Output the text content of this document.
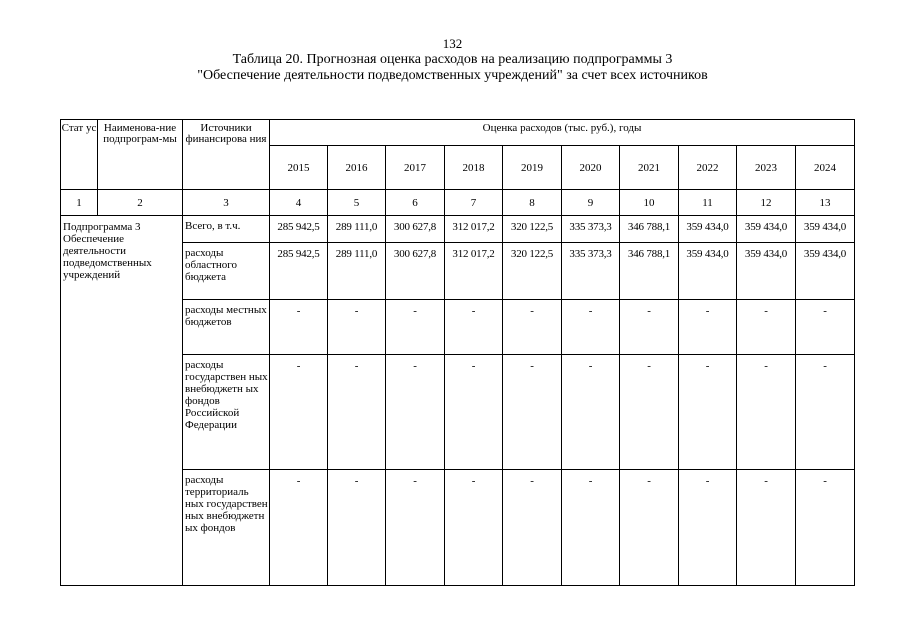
132
Таблица 20. Прогнозная оценка расходов на реализацию подпрограммы 3 "Обеспечение деятельности подведомственных учреждений" за счет всех источников
Стат ус	Наименова-ние подпрограм-мы	Источники финансирова ния	Оценка расходов (тыс. руб.), годы									
			2015	2016	2017	2018	2019	2020	2021	2022	2023	2024
1	2	3	4	5	6	7	8	9	10	11	12	13
Подпрограмма 3 Обеспечение деятельности подведомственных учреждений		Всего, в т.ч.	285 942,5	289 111,0	300 627,8	312 017,2	320 122,5	335 373,3	346 788,1	359 434,0	359 434,0	359 434,0
		расходы областного бюджета	285 942,5	289 111,0	300 627,8	312 017,2	320 122,5	335 373,3	346 788,1	359 434,0	359 434,0	359 434,0
		расходы местных бюджетов	-	-	-	-	-	-	-	-	-	-
		расходы государствен ных внебюджетн ых фондов Российской Федерации	-	-	-	-	-	-	-	-	-	-
		расходы территориаль ных государствен ных внебюджетн ых фондов	-	-	-	-	-	-	-	-	-	-
